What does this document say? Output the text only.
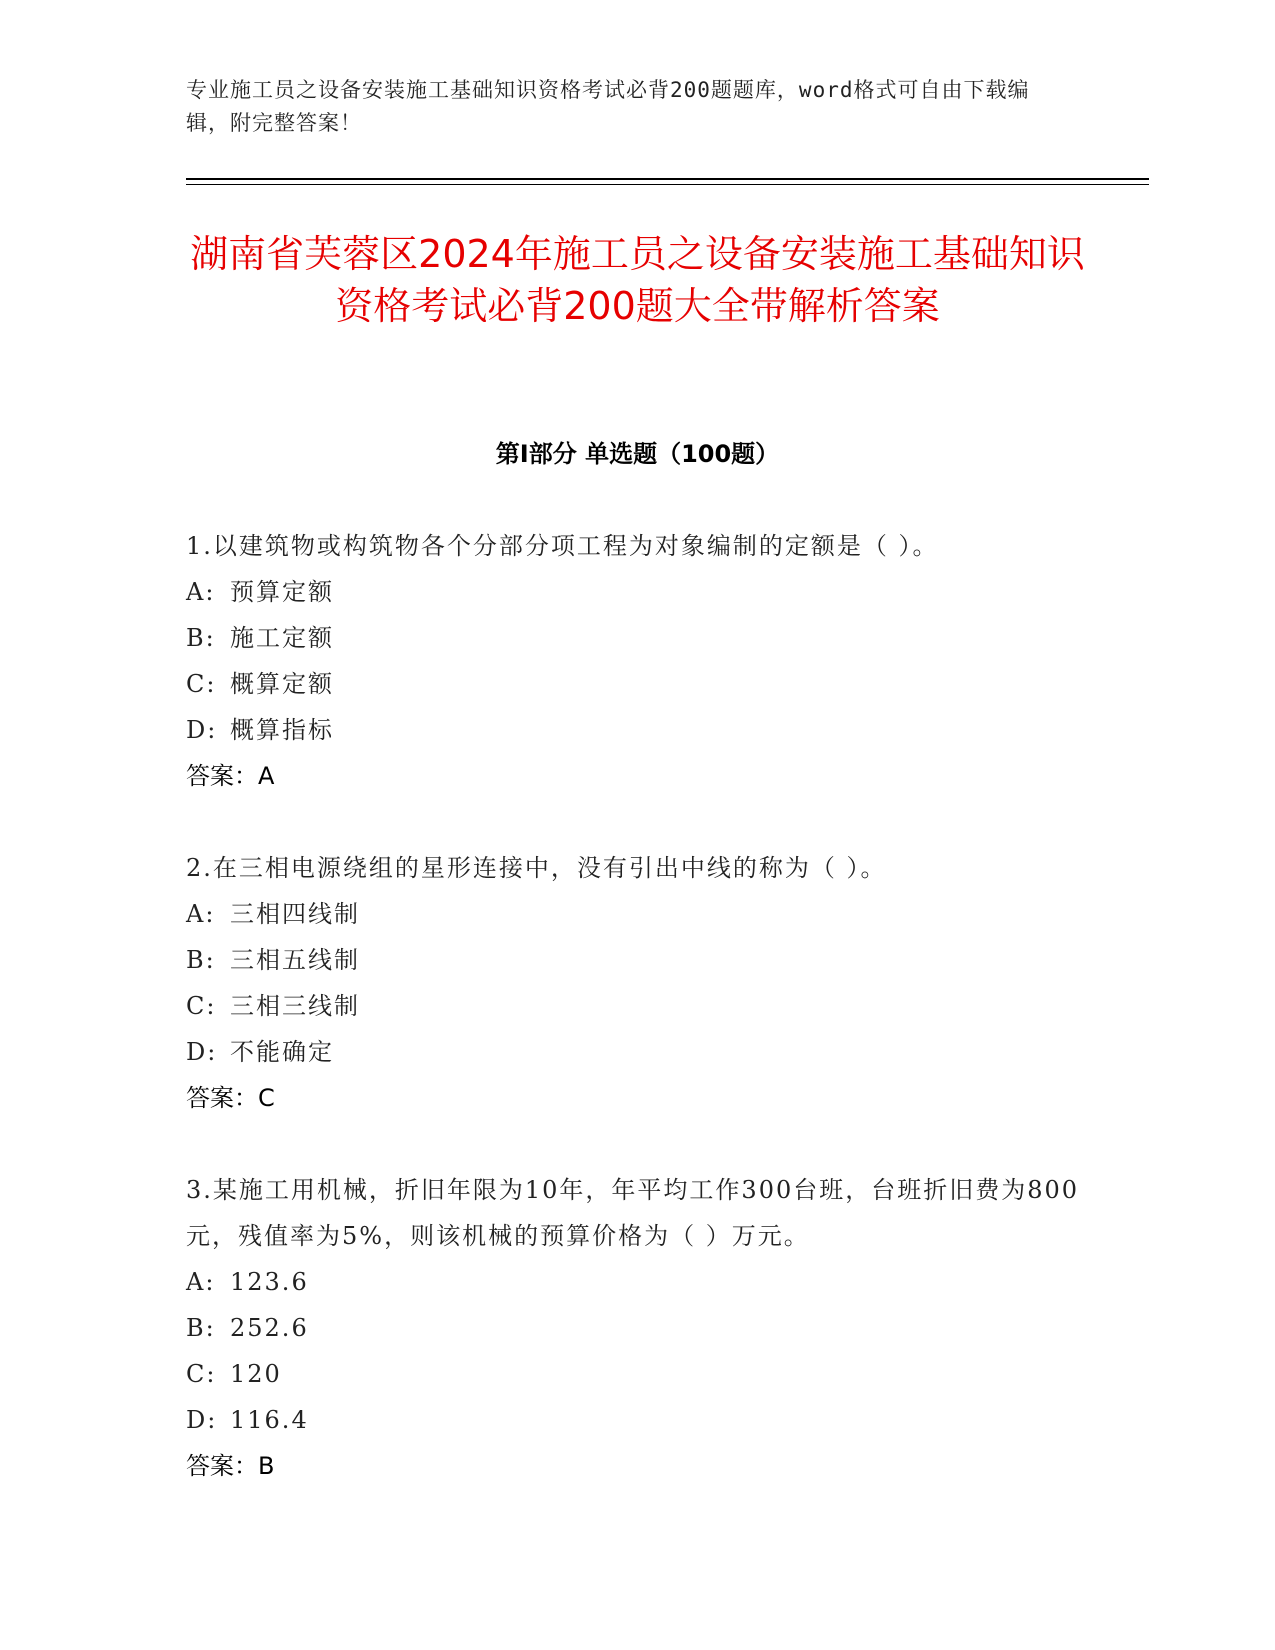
专业施工员之设备安装施工基础知识资格考试必背200题题库，word格式可自由下载编辑，附完整答案！
湖南省芙蓉区2024年施工员之设备安装施工基础知识资格考试必背200题大全带解析答案
第I部分 单选题（100题）
1.以建筑物或构筑物各个分部分项工程为对象编制的定额是（ ）。
A: 预算定额
B: 施工定额
C: 概算定额
D: 概算指标
答案：A
2.在三相电源绕组的星形连接中，没有引出中线的称为（ ）。
A: 三相四线制
B: 三相五线制
C: 三相三线制
D: 不能确定
答案：C
3.某施工用机械，折旧年限为10年，年平均工作300台班，台班折旧费为800元，残值率为5%，则该机械的预算价格为（ ）万元。
A: 123.6
B: 252.6
C: 120
D: 116.4
答案：B
